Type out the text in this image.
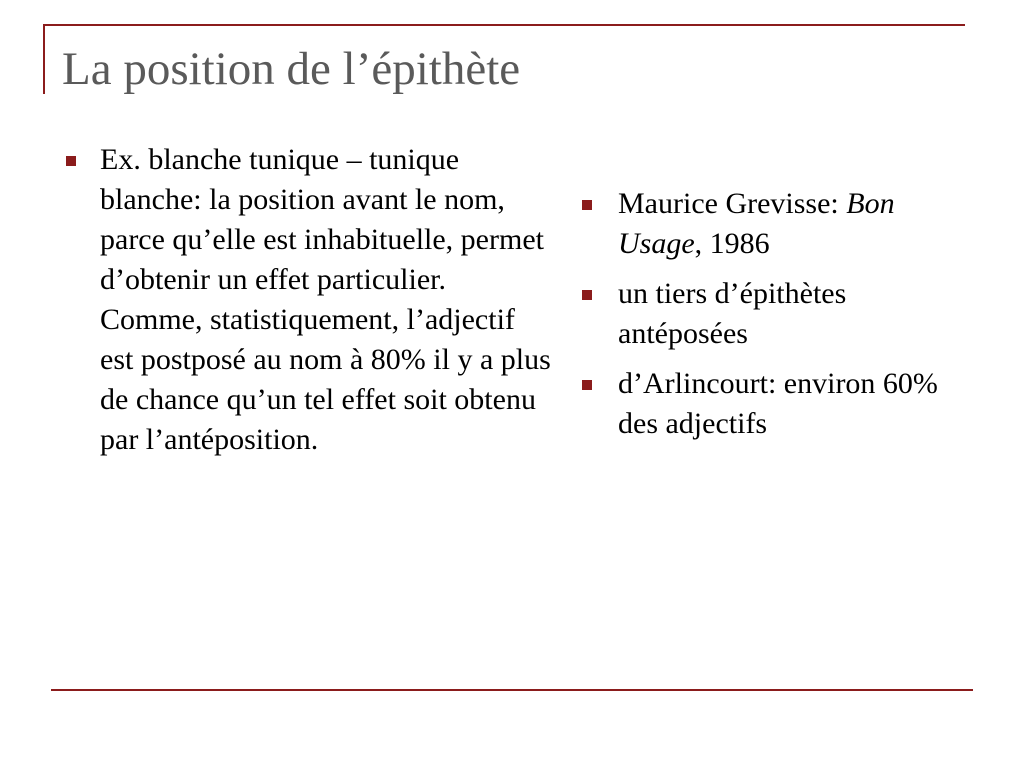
La position de l’épithète
Ex. blanche tunique – tunique blanche: la position avant le nom, parce qu’elle est inhabituelle, permet d’obtenir un effet particulier. Comme, statistiquement, l’adjectif est postposé au nom à 80% il y a plus de chance qu’un tel effet soit obtenu par l’antéposition.
Maurice Grevisse: Bon Usage, 1986
un tiers d’épithètes antéposées
d’Arlincourt: environ 60% des adjectifs
